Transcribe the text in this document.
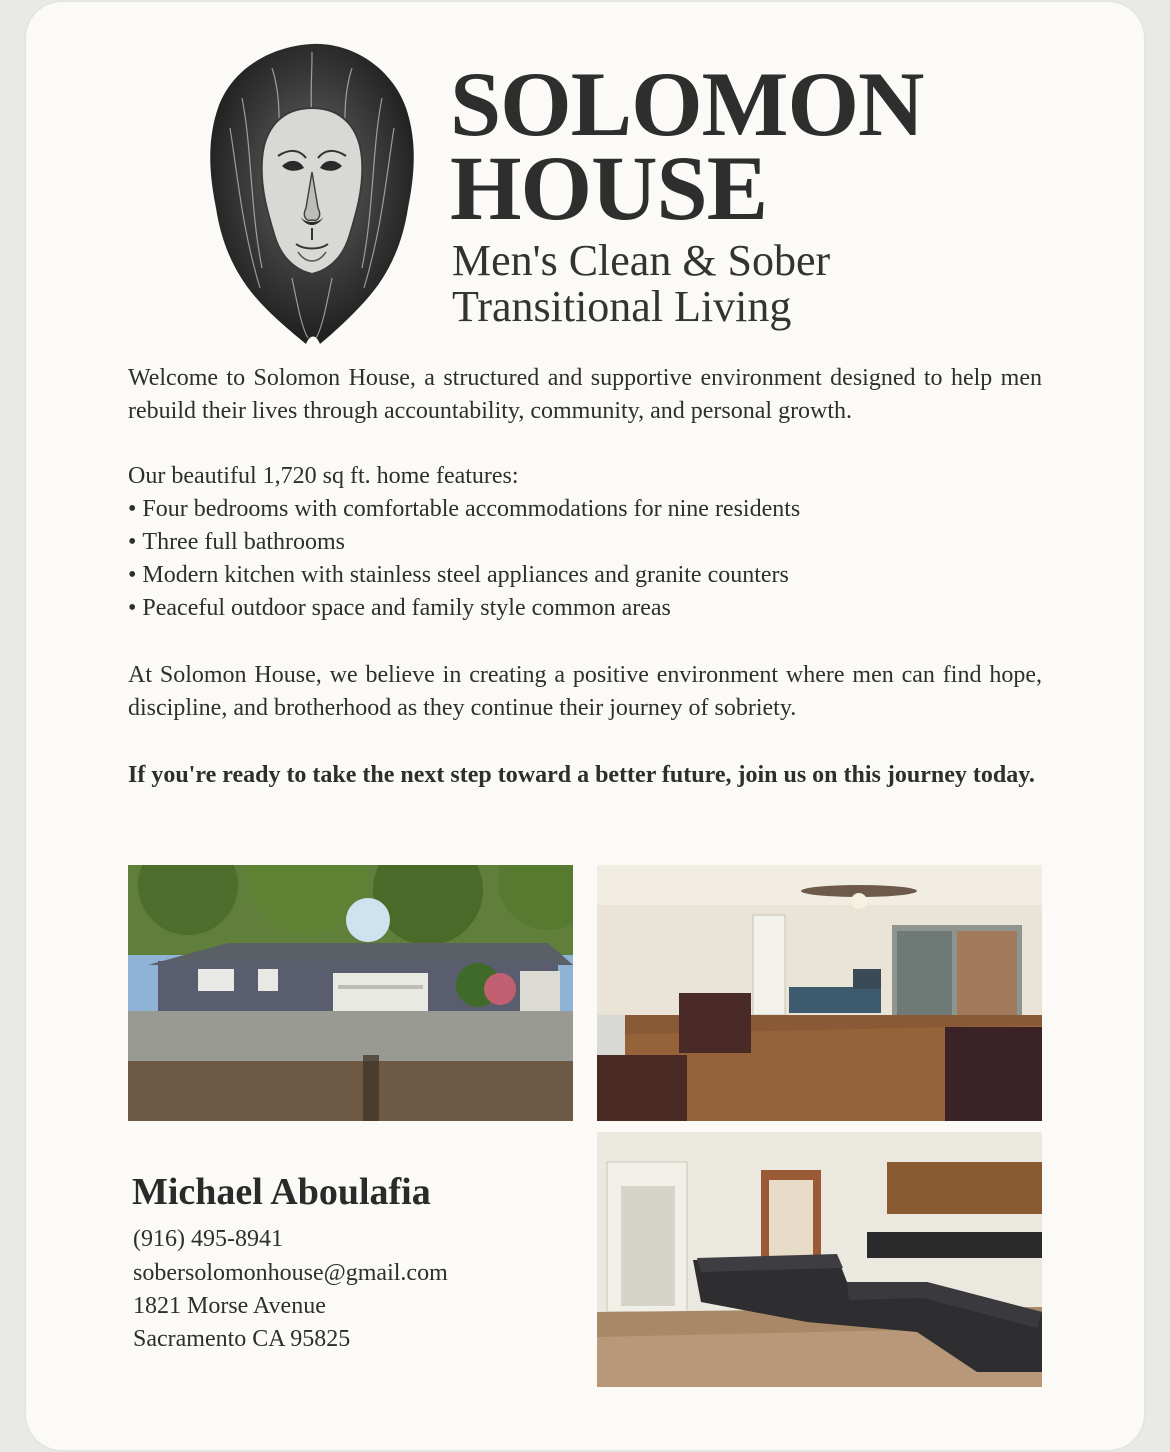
SOLOMON
HOUSE

Men's Clean & Sober

Transitional Living

Welcome to Solomon House, a structured and supportive environment designed to help men rebuild their lives through accountability, community, and personal growth.

Our beautiful 1,720 sq ft. home features:

• Four bedrooms with comfortable accommodations for nine residents
• Three full bathrooms
• Modern kitchen with stainless steel appliances and granite counters
• Peaceful outdoor space and family style common areas

At Solomon House, we believe in creating a positive environment where men can find hope, discipline, and brotherhood as they continue their journey of sobriety.

If you're ready to take the next step toward a better future, join us on this journey today.

Michael Aboulafia

(916) 495-8941

sobersolomonhouse@gmail.com

1821 Morse Avenue

Sacramento CA 95825
